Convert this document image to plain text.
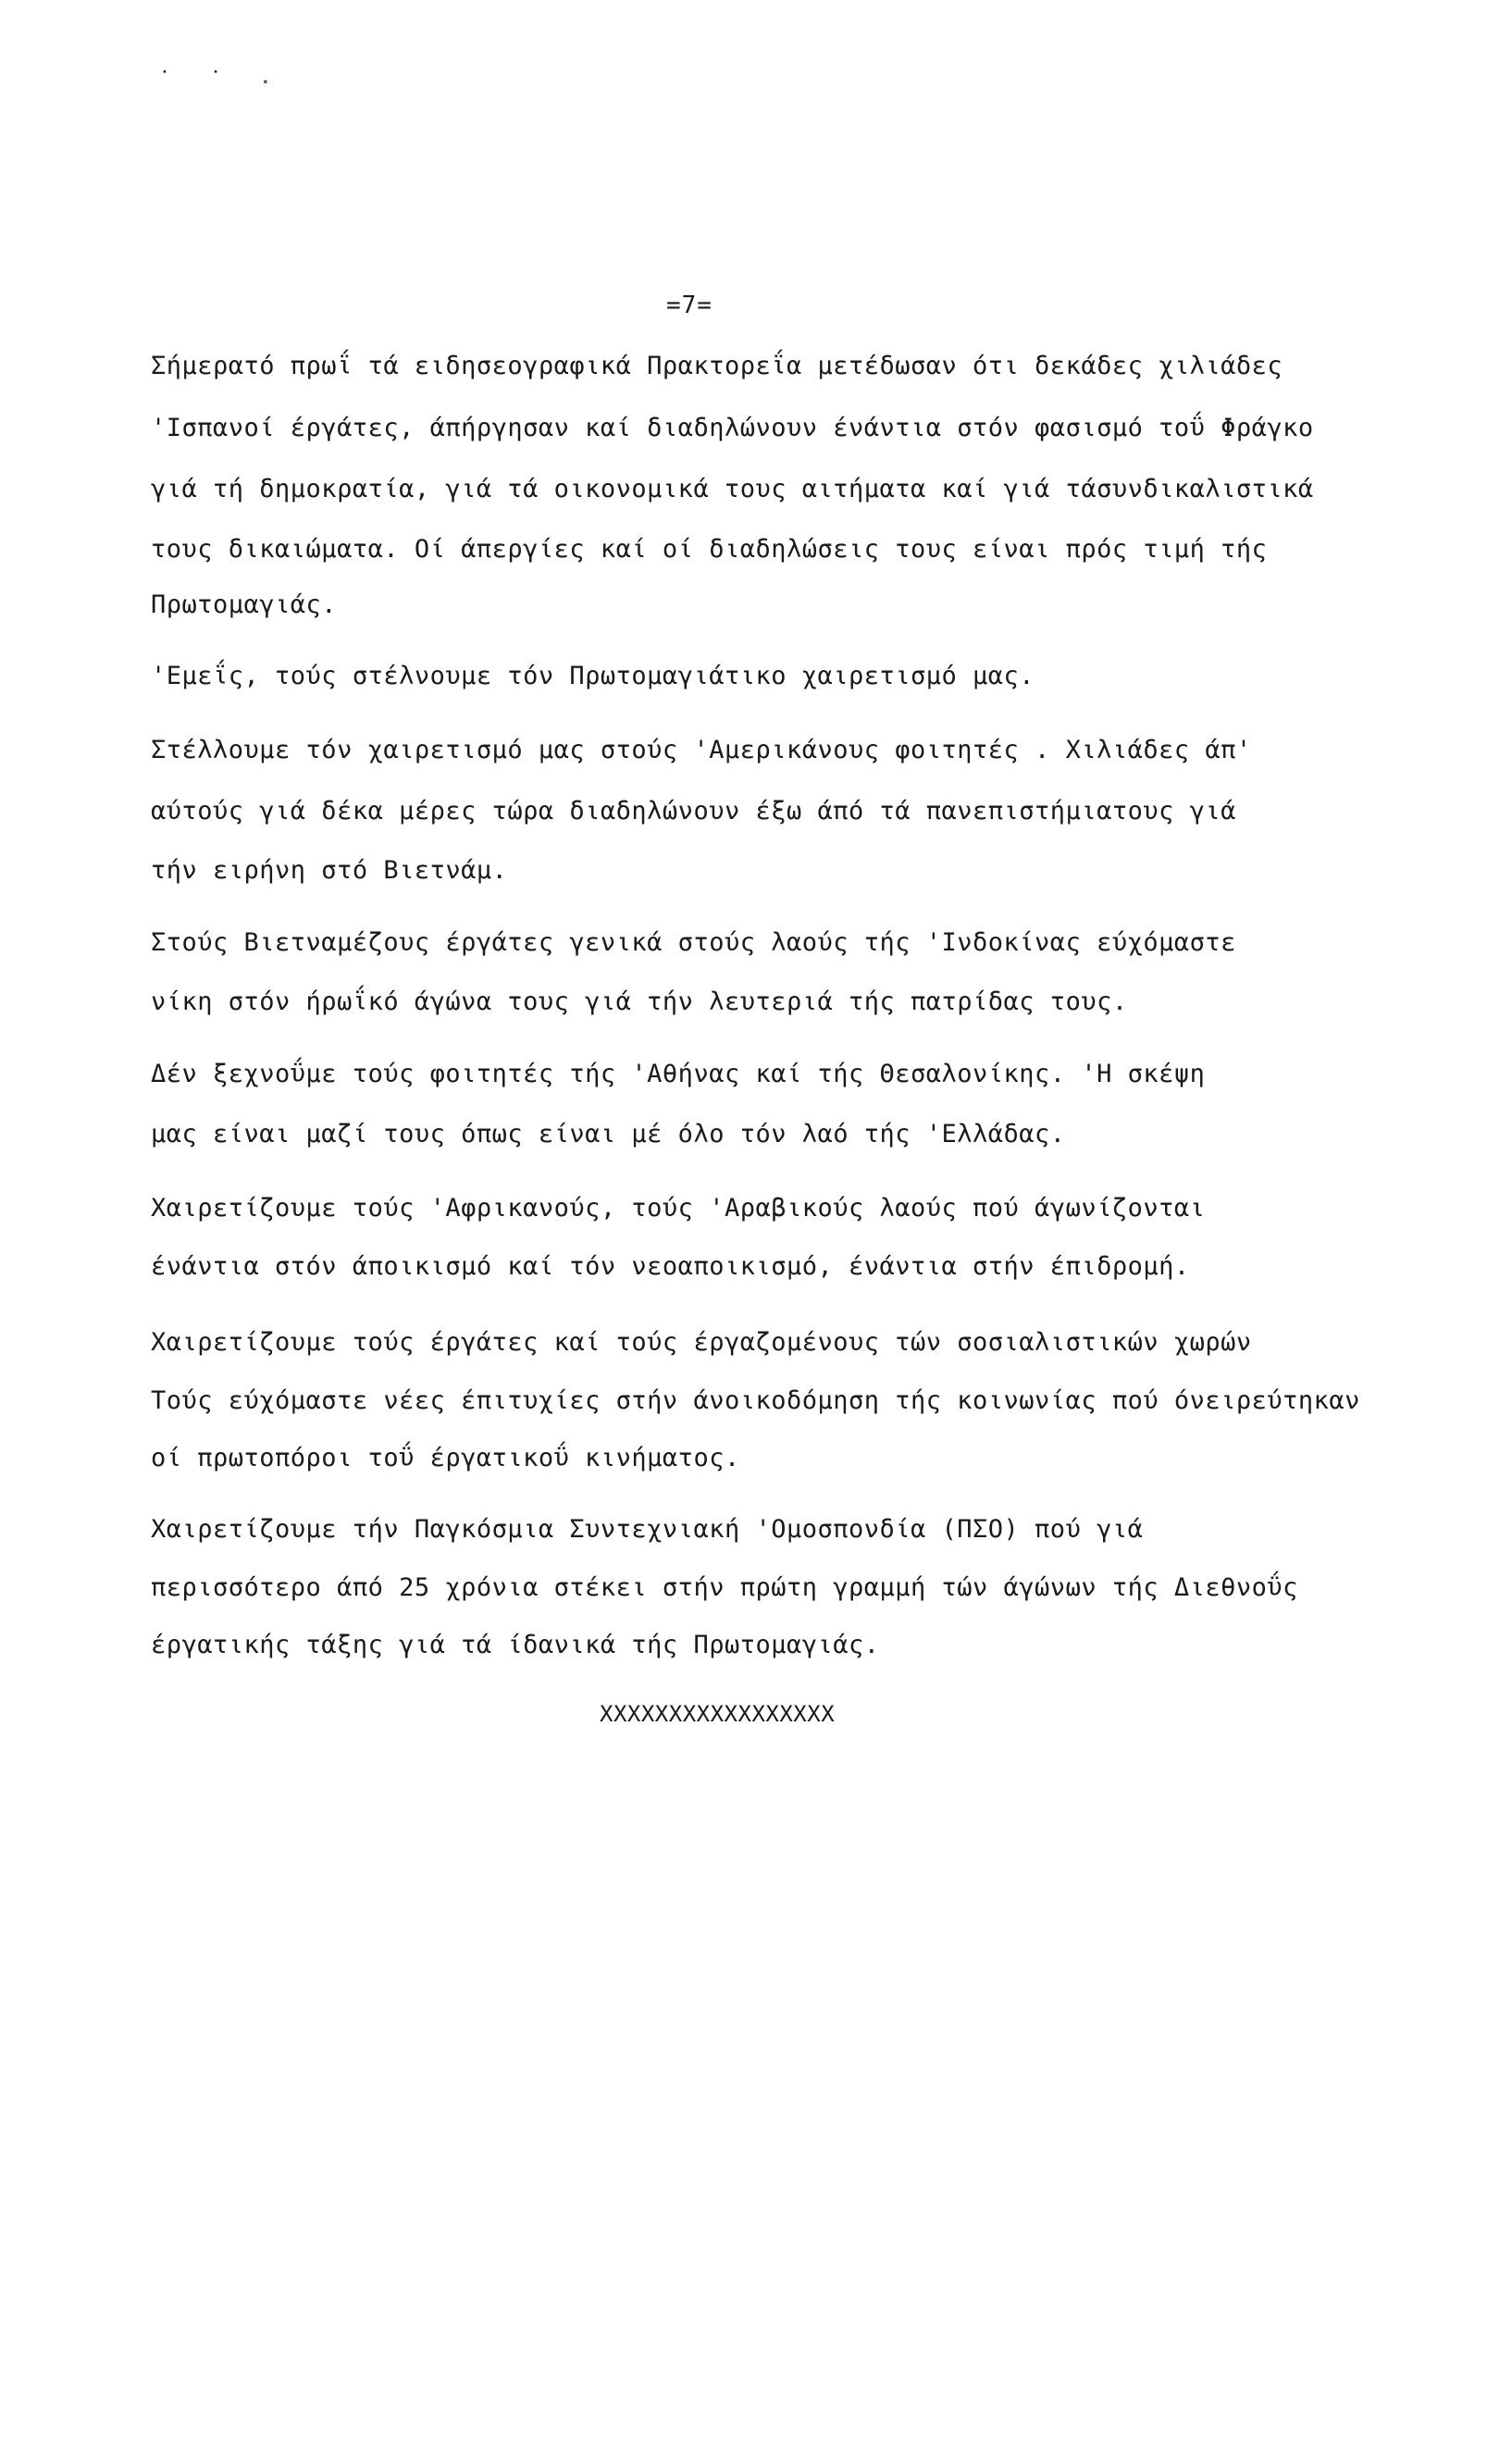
⸱ ⸱ ⸼
=7=
Σήμερατό πρωΐ τά ειδησεογραφικά Πρακτορεΐα μετέδωσαν ότι δεκάδες χιλιάδες
'Ισπανοί έργάτες, άπήργησαν καί διαδηλώνουν ένάντια στόν φασισμό τοΰ Φράγκο
γιά τή δημοκρατία, γιά τά οικονομικά τους αιτήματα καί γιά τάσυνδικαλιστικά
τους δικαιώματα. Οί άπεργίες καί οί διαδηλώσεις τους είναι πρός τιμή τής
Πρωτομαγιάς.
'Εμεΐς, τούς στέλνουμε τόν Πρωτομαγιάτικο χαιρετισμό μας.
Στέλλουμε τόν χαιρετισμό μας στούς 'Αμερικάνους φοιτητές . Χιλιάδες άπ'
αύτούς γιά δέκα μέρες τώρα διαδηλώνουν έξω άπό τά πανεπιστήμιατους γιά
τήν ειρήνη στό Βιετνάμ.
Στούς Βιετναμέζους έργάτες γενικά στούς λαούς τής 'Ινδοκίνας εύχόμαστε
νίκη στόν ήρωΐκό άγώνα τους γιά τήν λευτεριά τής πατρίδας τους.
Δέν ξεχνοΰμε τούς φοιτητές τής 'Αθήνας καί τής Θεσαλονίκης. 'Η σκέψη
μας είναι μαζί τους όπως είναι μέ όλο τόν λαό τής 'Ελλάδας.
Χαιρετίζουμε τούς 'Αφρικανούς, τούς 'Αραβικούς λαούς πού άγωνίζονται
ένάντια στόν άποικισμό καί τόν νεοαποικισμό, ένάντια στήν έπιδρομή.
Χαιρετίζουμε τούς έργάτες καί τούς έργαζομένους τών σοσιαλιστικών χωρών
Τούς εύχόμαστε νέες έπιτυχίες στήν άνοικοδόμηση τής κοινωνίας πού όνειρεύτηκαν
οί πρωτοπόροι τοΰ έργατικοΰ κινήματος.
Χαιρετίζουμε τήν Παγκόσμια Συντεχνιακή 'Ομοσπονδία (ΠΣΟ) πού γιά
περισσότερο άπό 25 χρόνια στέκει στήν πρώτη γραμμή τών άγώνων τής Διεθνοΰς
έργατικής τάξης γιά τά ίδανικά τής Πρωτομαγιάς.
XXXXXXXXXXXXXXXXX
